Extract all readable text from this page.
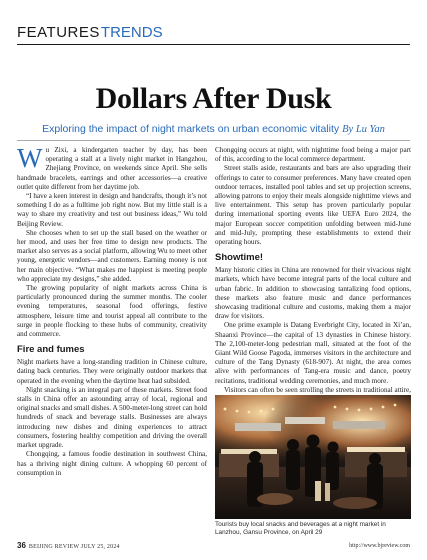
FEATURESTRENDS
Dollars After Dusk
Exploring the impact of night markets on urban economic vitality By Lu Yan

Wu Zixi, a kindergarten teacher by day, has been operating a stall at a lively night market in Hangzhou, Zhejiang Province, on weekends since April. She sells handmade bracelets, earrings and other accessories—a creative outlet quite different from her daytime job.

“I have a keen interest in design and handcrafts, though it’s not something I do as a fulltime job right now. But my little stall is a way to share my creativity and test out business ideas,” Wu told Beijing Review.

She chooses when to set up the stall based on the weather or her mood, and uses her free time to design new products. The market also serves as a social platform, allowing Wu to meet other young, energetic vendors—and customers. Earning money is not her main objective. “What makes me happiest is meeting people who appreciate my designs,” she added.

The growing popularity of night markets across China is particularly pronounced during the summer months. The cooler evening temperatures, seasonal food offerings, festive atmosphere, leisure time and tourist appeal all contribute to the surge in people flocking to these hubs of community, creativity and commerce.

Fire and fumes

Night markets have a long-standing tradition in Chinese culture, dating back centuries. They were originally outdoor markets that operated in the evening when the daytime heat had subsided.

Night snacking is an integral part of these markets. Street food stalls in China offer an astounding array of local, regional and original snacks and small dishes. A 500-meter-long street can hold hundreds of snack and beverage stalls. Businesses are always introducing new dishes and dining experiences to attract consumers, fostering healthy competition and driving the overall market upgrade.

Chongqing, a famous foodie destination in southwest China, has a thriving night dining culture. A whopping 60 percent of consumption in

Chongqing occurs at night, with nighttime food being a major part of this, according to the local commerce department.

Street stalls aside, restaurants and bars are also upgrading their offerings to cater to consumer preferences. Many have created open outdoor terraces, installed pool tables and set up projection screens, allowing patrons to enjoy their meals alongside nighttime views and live entertainment. This setup has proven particularly popular during international sporting events like UEFA Euro 2024, the major European soccer competition unfolding between mid-June and mid-July, prompting these establishments to extend their operating hours.

Showtime!

Many historic cities in China are renowned for their vivacious night markets, which have become integral parts of the local culture and urban fabric. In addition to showcasing tantalizing food options, these markets also feature music and dance performances showcasing traditional culture and customs, making them a major draw for visitors.

One prime example is Datang Everbright City, located in Xi’an, Shaanxi Province—the capital of 13 dynasties in Chinese history. The 2,100-meter-long pedestrian mall, situated at the foot of the Giant Wild Goose Pagoda, immerses visitors in the architecture and culture of the Tang Dynasty (618-907). At night, the area comes alive with performances of Tang-era music and dance, poetry recitations, traditional wedding ceremonies, and much more.

Visitors can often be seen strolling the streets in traditional attire,

Tourists buy local snacks and beverages at a night market in Lanzhou, Gansu Province, on April 29
36 BEIJING REVIEW JULY 25, 2024	http://www.bjreview.com
